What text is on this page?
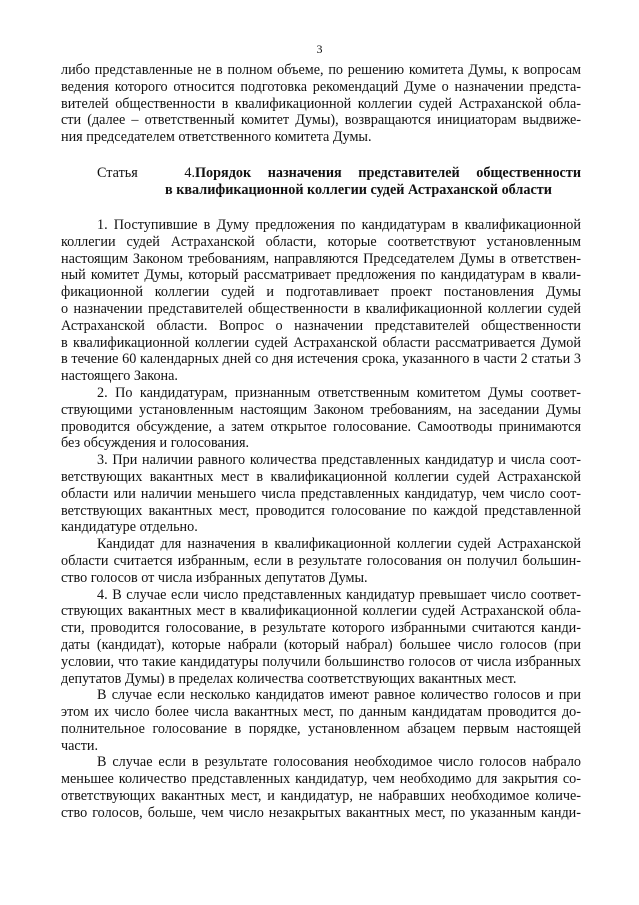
3
либо представленные не в полном объеме, по решению комитета Думы, к вопросам
ведения которого относится подготовка рекомендаций Думе о назначении предста-
вителей общественности в квалификационной коллегии судей Астраханской обла-
сти (далее – ответственный комитет Думы), возвращаются инициаторам выдвиже-
ния председателем ответственного комитета Думы.
Статья 4. Порядок назначения представителей общественности
в квалификационной коллегии судей Астраханской области
1. Поступившие в Думу предложения по кандидатурам в квалификационной
коллегии судей Астраханской области, которые соответствуют установленным
настоящим Законом требованиям, направляются Председателем Думы в ответствен-
ный комитет Думы, который рассматривает предложения по кандидатурам в квали-
фикационной коллегии судей и подготавливает проект постановления Думы
о назначении представителей общественности в квалификационной коллегии судей
Астраханской области. Вопрос о назначении представителей общественности
в квалификационной коллегии судей Астраханской области рассматривается Думой
в течение 60 календарных дней со дня истечения срока, указанного в части 2 статьи 3
настоящего Закона.
2. По кандидатурам, признанным ответственным комитетом Думы соответ-
ствующими установленным настоящим Законом требованиям, на заседании Думы
проводится обсуждение, а затем открытое голосование. Самоотводы принимаются
без обсуждения и голосования.
3. При наличии равного количества представленных кандидатур и числа соот-
ветствующих вакантных мест в квалификационной коллегии судей Астраханской
области или наличии меньшего числа представленных кандидатур, чем число соот-
ветствующих вакантных мест, проводится голосование по каждой представленной
кандидатуре отдельно.
Кандидат для назначения в квалификационной коллегии судей Астраханской
области считается избранным, если в результате голосования он получил большин-
ство голосов от числа избранных депутатов Думы.
4. В случае если число представленных кандидатур превышает число соответ-
ствующих вакантных мест в квалификационной коллегии судей Астраханской обла-
сти, проводится голосование, в результате которого избранными считаются канди-
даты (кандидат), которые набрали (который набрал) большее число голосов (при
условии, что такие кандидатуры получили большинство голосов от числа избранных
депутатов Думы) в пределах количества соответствующих вакантных мест.
В случае если несколько кандидатов имеют равное количество голосов и при
этом их число более числа вакантных мест, по данным кандидатам проводится до-
полнительное голосование в порядке, установленном абзацем первым настоящей
части.
В случае если в результате голосования необходимое число голосов набрало
меньшее количество представленных кандидатур, чем необходимо для закрытия со-
ответствующих вакантных мест, и кандидатур, не набравших необходимое количе-
ство голосов, больше, чем число незакрытых вакантных мест, по указанным канди-
